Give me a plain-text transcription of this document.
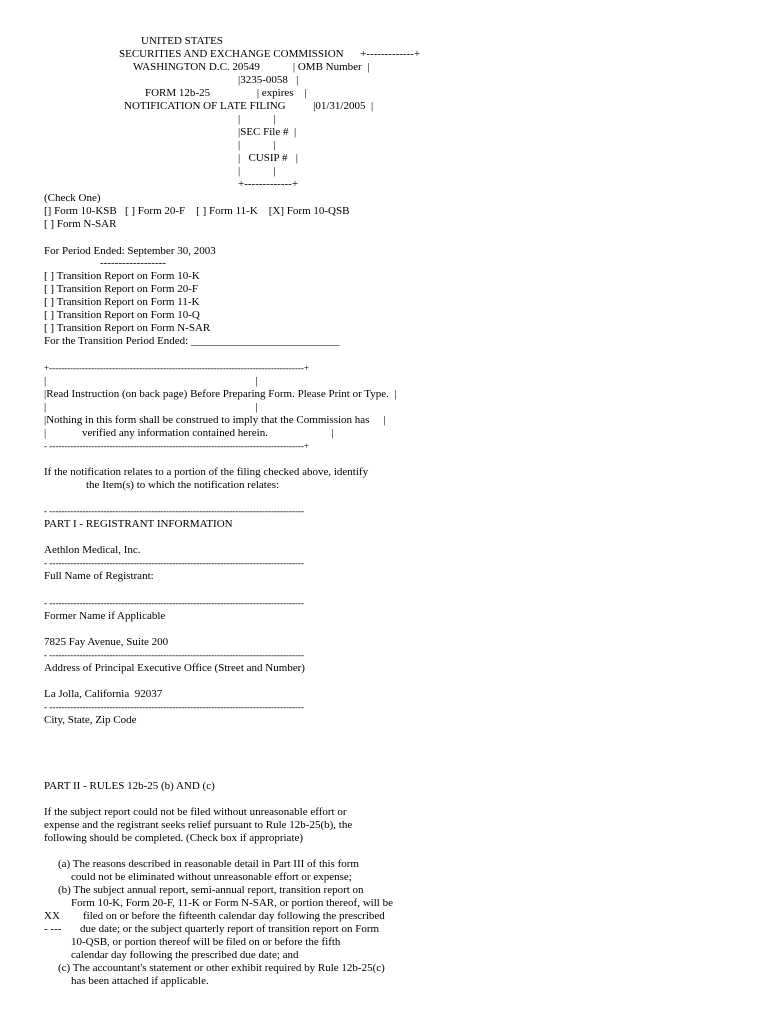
UNITED STATES
SECURITIES AND EXCHANGE COMMISSION      +-------------+
WASHINGTON D.C. 20549            | OMB Number  |
|3235-0058   |
FORM 12b-25                 | expires    |
NOTIFICATION OF LATE FILING          |01/31/2005  |
|            |
|SEC File #  |
|            |
|   CUSIP #   |
|            |
+-------------+
(Check One)
[] Form 10-KSB   [ ] Form 20-F    [ ] Form 11-K    [X] Form 10-QSB
[ ] Form N-SAR
For Period Ended: September 30, 2003
------------------
[ ] Transition Report on Form 10-K
[ ] Transition Report on Form 20-F
[ ] Transition Report on Form 11-K
[ ] Transition Report on Form 10-Q
[ ] Transition Report on Form N-SAR
For the Transition Period Ended: ___________________________
+-------------------------------------------------------------------------------------+
|                                                                            |
|Read Instruction (on back page) Before Preparing Form. Please Print or Type.  |
|                                                                            |
|Nothing in this form shall be construed to imply that the Commission has     |
|             verified any information contained herein.                       |
- -------------------------------------------------------------------------------------+
If the notification relates to a portion of the filing checked above, identify
the Item(s) to which the notification relates:
- -------------------------------------------------------------------------------------
PART I - REGISTRANT INFORMATION
Aethlon Medical, Inc.
- -------------------------------------------------------------------------------------
Full Name of Registrant:
- -------------------------------------------------------------------------------------
Former Name if Applicable
7825 Fay Avenue, Suite 200
- -------------------------------------------------------------------------------------
Address of Principal Executive Office (Street and Number)
La Jolla, California  92037
- -------------------------------------------------------------------------------------
City, State, Zip Code
PART II - RULES 12b-25 (b) AND (c)
If the subject report could not be filed without unreasonable effort or
expense and the registrant seeks relief pursuant to Rule 12b-25(b), the
following should be completed. (Check box if appropriate)
(a) The reasons described in reasonable detail in Part III of this form
could not be eliminated without unreasonable effort or expense;
(b) The subject annual report, semi-annual report, transition report on
Form 10-K, Form 20-F, 11-K or Form N-SAR, or portion thereof, will be
XX filed on or before the fifteenth calendar day following the prescribed
- --- due date; or the subject quarterly report of transition report on Form
10-QSB, or portion thereof will be filed on or before the fifth
calendar day following the prescribed due date; and
(c) The accountant's statement or other exhibit required by Rule 12b-25(c)
has been attached if applicable.
